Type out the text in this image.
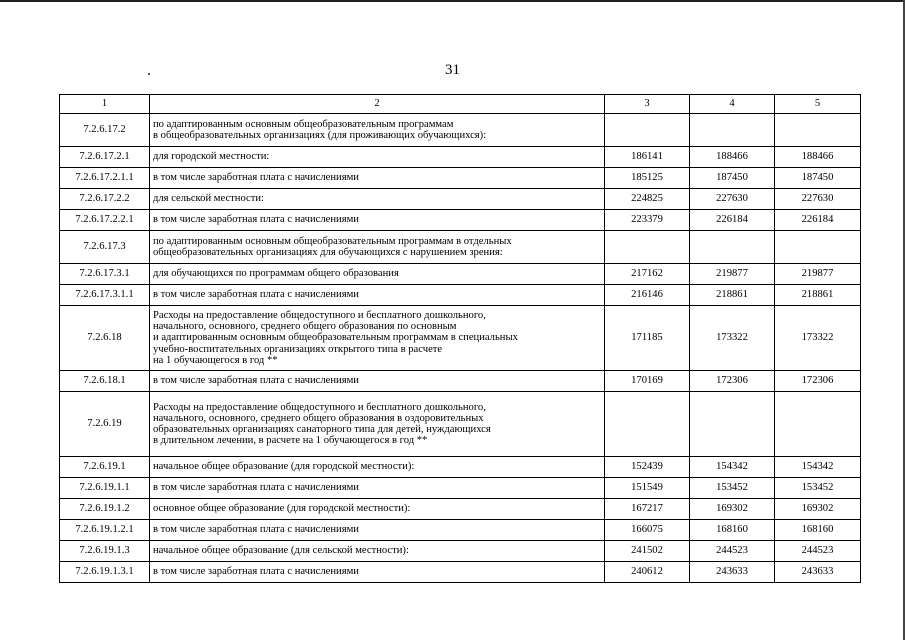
31
1	2	3	4	5
7.2.6.17.2	по адаптированным основным общеобразовательным программам
в общеобразовательных организациях (для проживающих обучающихся):			

7.2.6.17.2.1	для городской местности:	186141	188466	188466
7.2.6.17.2.1.1	в том числе заработная плата с начислениями	185125	187450	187450
7.2.6.17.2.2	для сельской местности:	224825	227630	227630
7.2.6.17.2.2.1	в том числе заработная плата с начислениями	223379	226184	226184
7.2.6.17.3	по адаптированным основным общеобразовательным программам в отдельных
общеобразовательных организациях для обучающихся с нарушением зрения:			

7.2.6.17.3.1	для обучающихся по программам общего образования	217162	219877	219877
7.2.6.17.3.1.1	в том числе заработная плата с начислениями	216146	218861	218861
7.2.6.18	Расходы на предоставление общедоступного и бесплатного дошкольного,
начального, основного, среднего общего образования по основным
и адаптированным основным общеобразовательным программам в специальных
учебно-воспитательных организациях открытого типа в расчете
на 1 обучающегося в год **	171185	173322	173322
7.2.6.18.1	в том числе заработная плата с начислениями	170169	172306	172306
7.2.6.19	Расходы на предоставление общедоступного и бесплатного дошкольного,
начального, основного, среднего общего образования в оздоровительных
образовательных организациях санаторного типа для детей, нуждающихся
в длительном лечении, в расчете на 1 обучающегося в год **			

7.2.6.19.1	начальное общее образование (для городской местности):	152439	154342	154342
7.2.6.19.1.1	в том числе заработная плата с начислениями	151549	153452	153452
7.2.6.19.1.2	основное общее образование (для городской местности):	167217	169302	169302
7.2.6.19.1.2.1	в том числе заработная плата с начислениями	166075	168160	168160
7.2.6.19.1.3	начальное общее образование (для сельской местности):	241502	244523	244523
7.2.6.19.1.3.1	в том числе заработная плата с начислениями	240612	243633	243633
